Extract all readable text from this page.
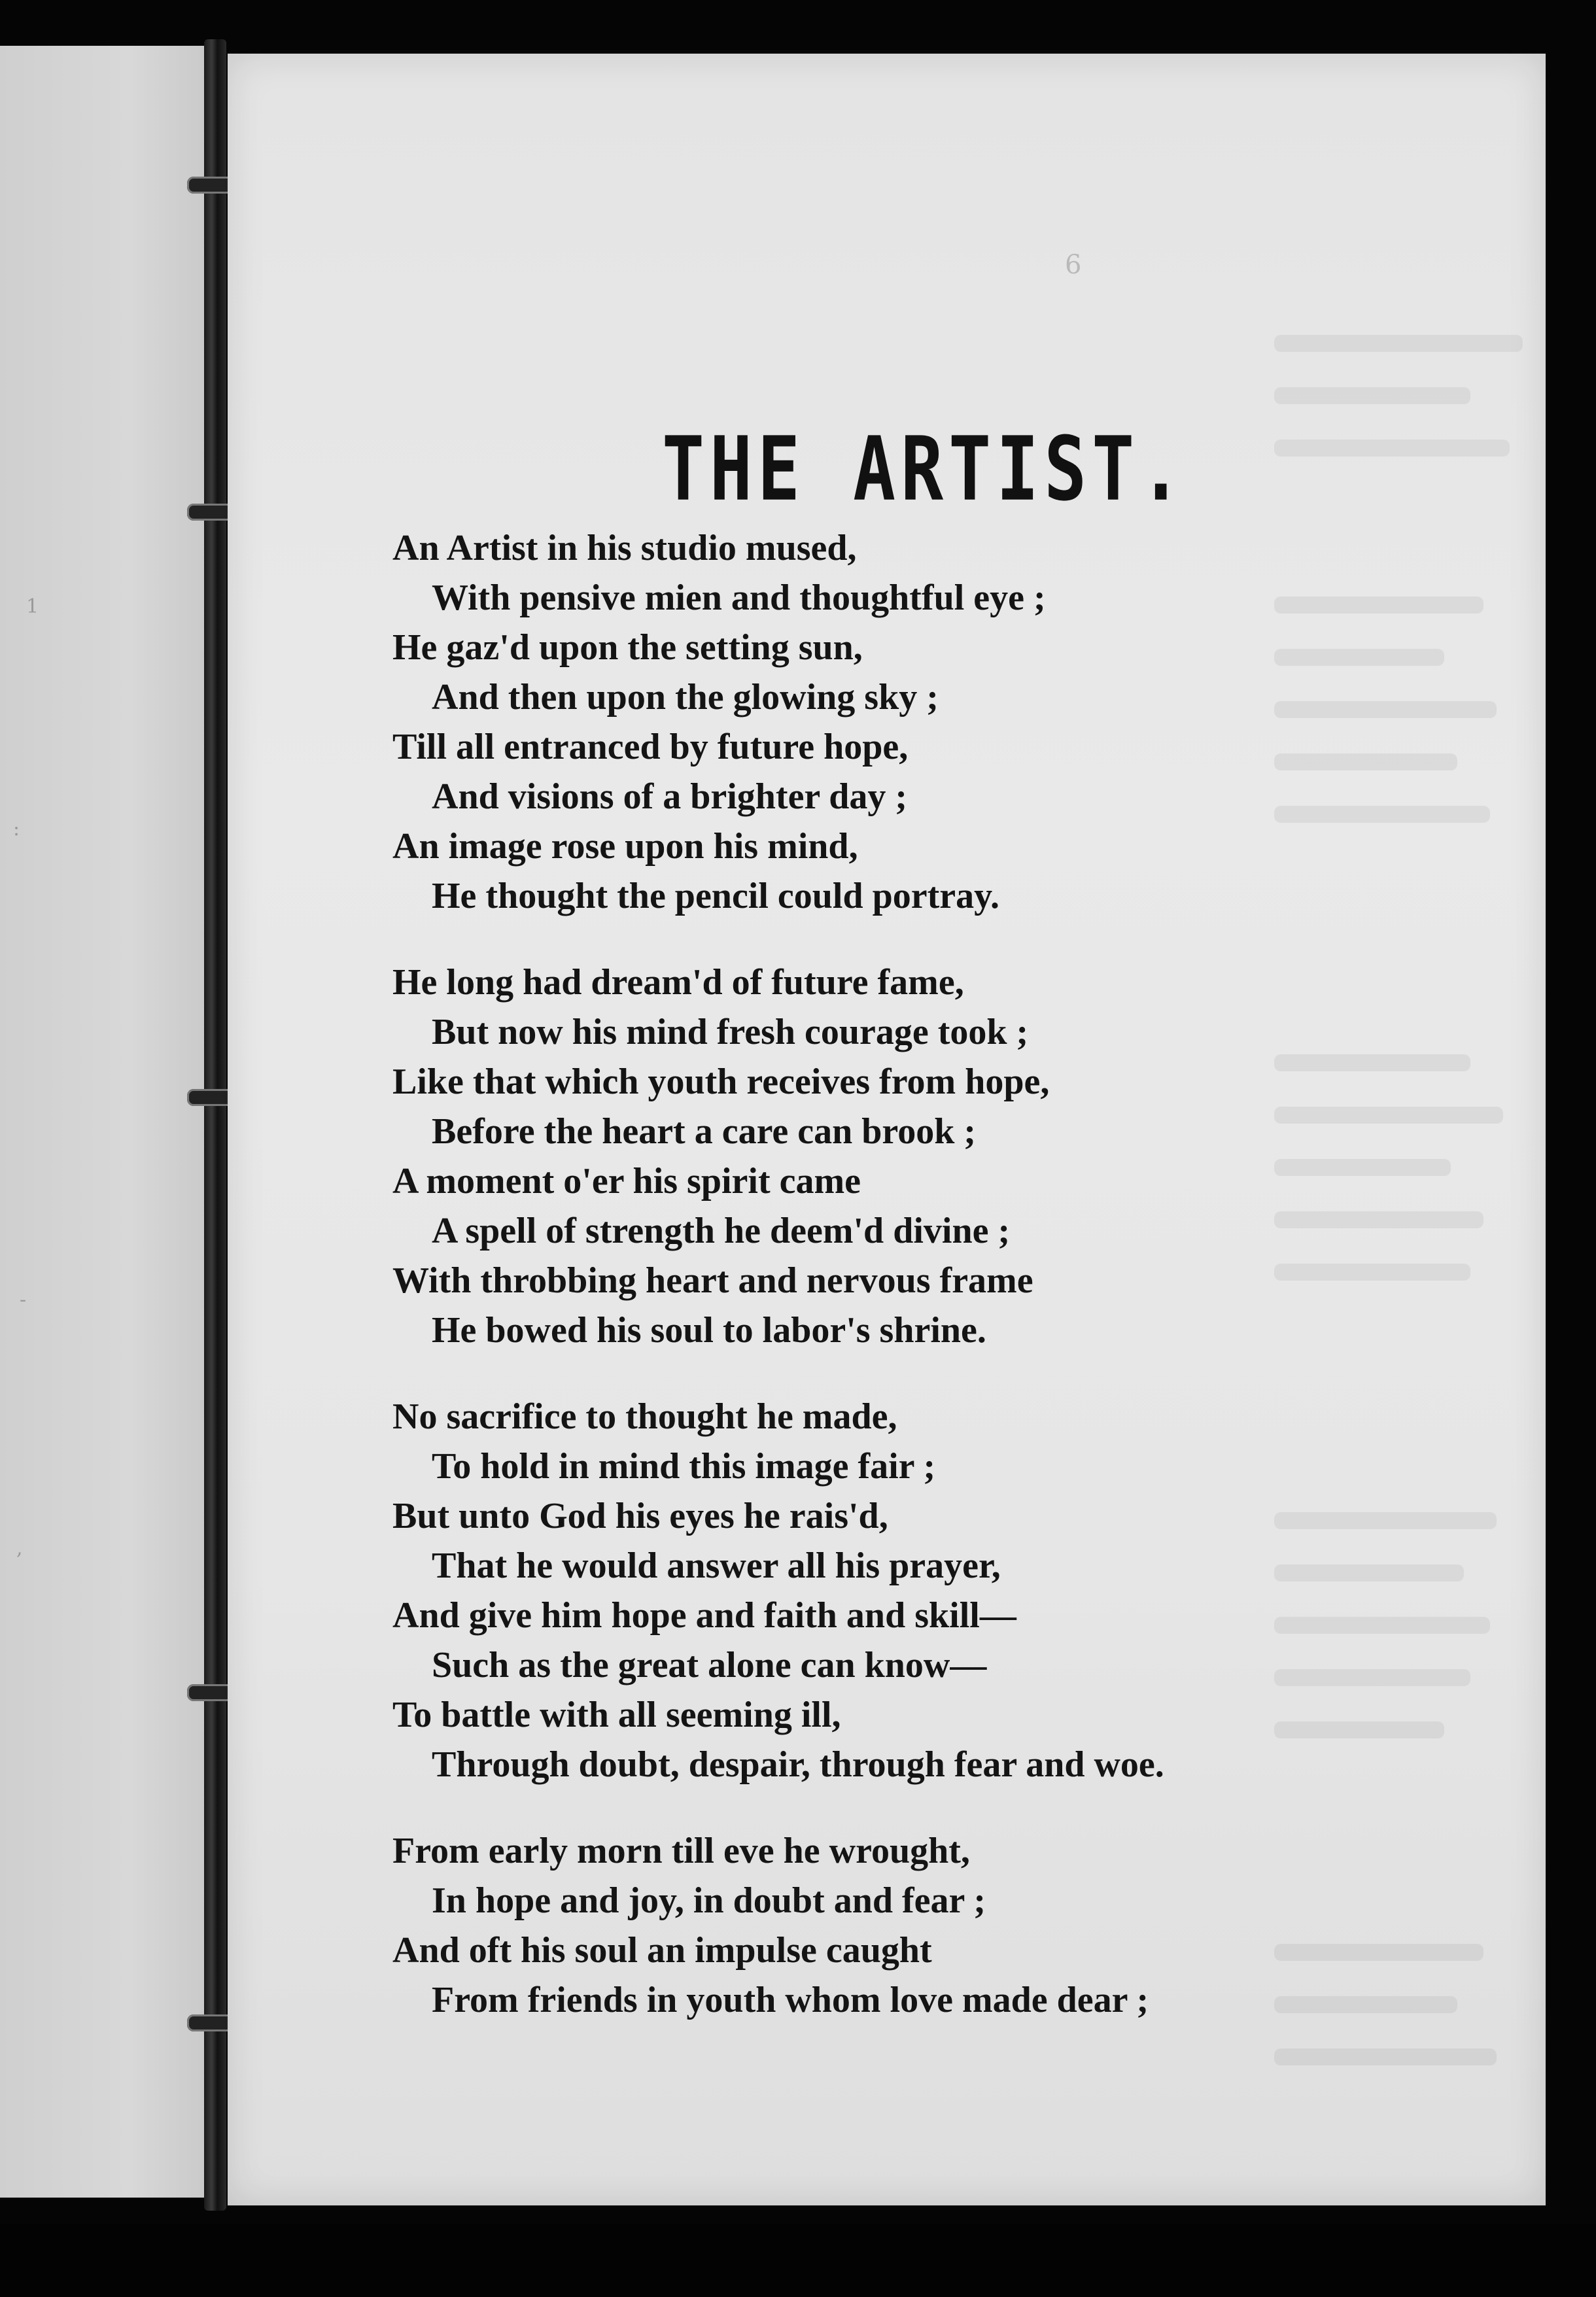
1
:
-
,
6
THE ARTIST.
An Artist in his studio mused,
With pensive mien and thoughtful eye ;
He gaz'd upon the setting sun,
And then upon the glowing sky ;
Till all entranced by future hope,
And visions of a brighter day ;
An image rose upon his mind,
He thought the pencil could portray.
He long had dream'd of future fame,
But now his mind fresh courage took ;
Like that which youth receives from hope,
Before the heart a care can brook ;
A moment o'er his spirit came
A spell of strength he deem'd divine ;
With throbbing heart and nervous frame
He bowed his soul to labor's shrine.
No sacrifice to thought he made,
To hold in mind this image fair ;
But unto God his eyes he rais'd,
That he would answer all his prayer,
And give him hope and faith and skill—
Such as the great alone can know—
To battle with all seeming ill,
Through doubt, despair, through fear and woe.
From early morn till eve he wrought,
In hope and joy, in doubt and fear ;
And oft his soul an impulse caught
From friends in youth whom love made dear ;
